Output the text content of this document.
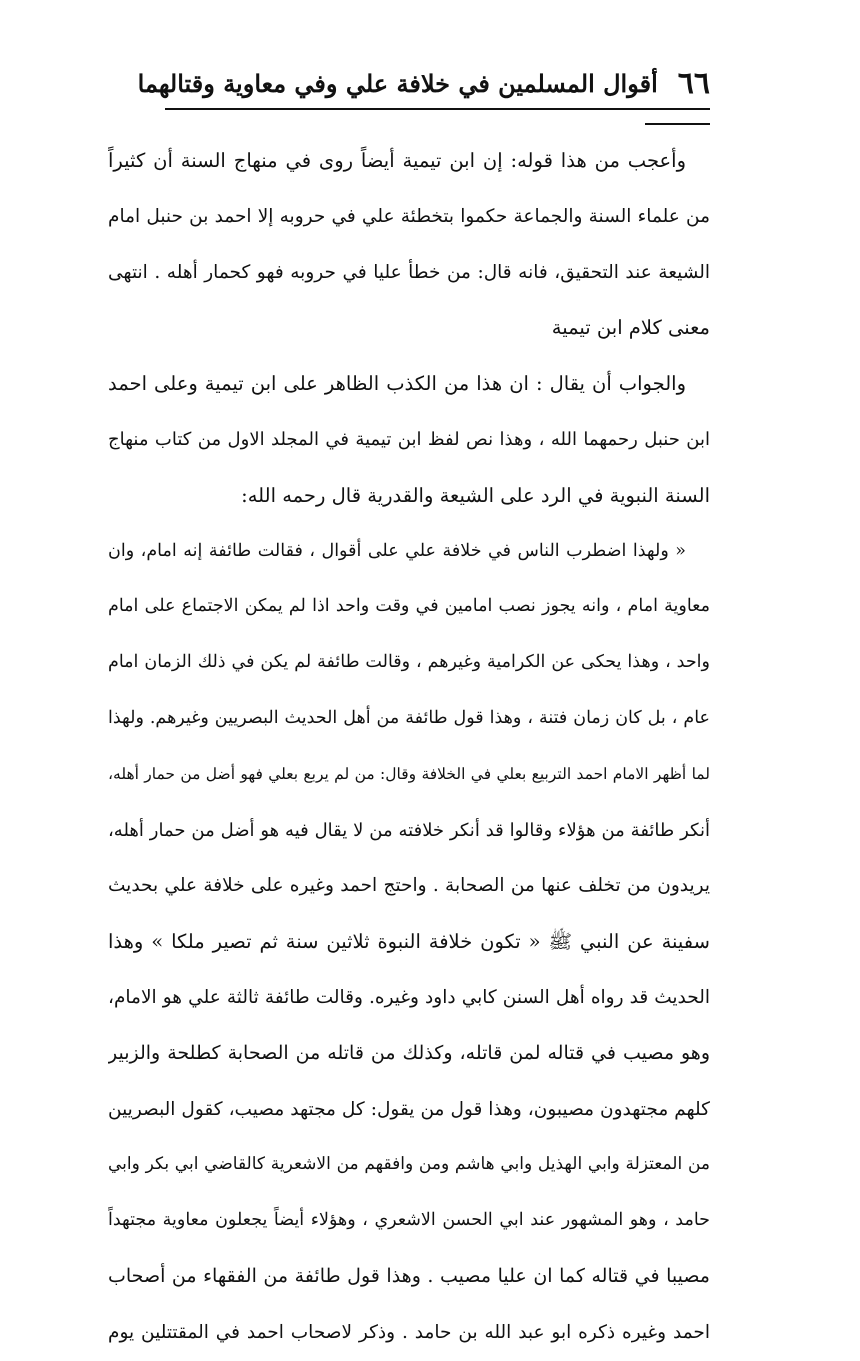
٦٦
أقوال المسلمين في خلافة علي وفي معاوية وقتالهما
وأعجب من هذا قوله: إن ابن تيمية أيضاً روى في منهاج السنة أن كثيراً
من علماء السنة والجماعة حكموا بتخطئة علي في حروبه إلا احمد بن حنبل امام
الشيعة عند التحقيق، فانه قال: من خطأ عليا في حروبه فهو كحمار أهله . انتهى
معنى كلام ابن تيمية
والجواب أن يقال : ان هذا من الكذب الظاهر على ابن تيمية وعلى احمد
ابن حنبل رحمهما الله ، وهذا نص لفظ ابن تيمية في المجلد الاول من كتاب منهاج
السنة النبوية في الرد على الشيعة والقدرية قال رحمه الله:
« ولهذا اضطرب الناس في خلافة علي على أقوال ، فقالت طائفة إنه امام، وان
معاوية امام ، وانه يجوز نصب امامين في وقت واحد اذا لم يمكن الاجتماع على امام
واحد ، وهذا يحكى عن الكرامية وغيرهم ، وقالت طائفة لم يكن في ذلك الزمان امام
عام ، بل كان زمان فتنة ، وهذا قول طائفة من أهل الحديث البصريين وغيرهم. ولهذا
لما أظهر الامام احمد التربيع بعلي في الخلافة وقال: من لم يربع بعلي فهو أضل من حمار أهله،
أنكر طائفة من هؤلاء وقالوا قد أنكر خلافته من لا يقال فيه هو أضل من حمار أهله،
يريدون من تخلف عنها من الصحابة . واحتج احمد وغيره على خلافة علي بحديث
سفينة عن النبي ﷺ « تكون خلافة النبوة ثلاثين سنة ثم تصير ملكا » وهذا
الحديث قد رواه أهل السنن كابي داود وغيره. وقالت طائفة ثالثة علي هو الامام،
وهو مصيب في قتاله لمن قاتله، وكذلك من قاتله من الصحابة كطلحة والزبير
كلهم مجتهدون مصيبون، وهذا قول من يقول: كل مجتهد مصيب، كقول البصريين
من المعتزلة وابي الهذيل وابي هاشم ومن وافقهم من الاشعرية كالقاضي ابي بكر وابي
حامد ، وهو المشهور عند ابي الحسن الاشعري ، وهؤلاء أيضاً يجعلون معاوية مجتهداً
مصيبا في قتاله كما ان عليا مصيب . وهذا قول طائفة من الفقهاء من أصحاب
احمد وغيره ذكره ابو عبد الله بن حامد . وذكر لاصحاب احمد في المقتتلين يوم
